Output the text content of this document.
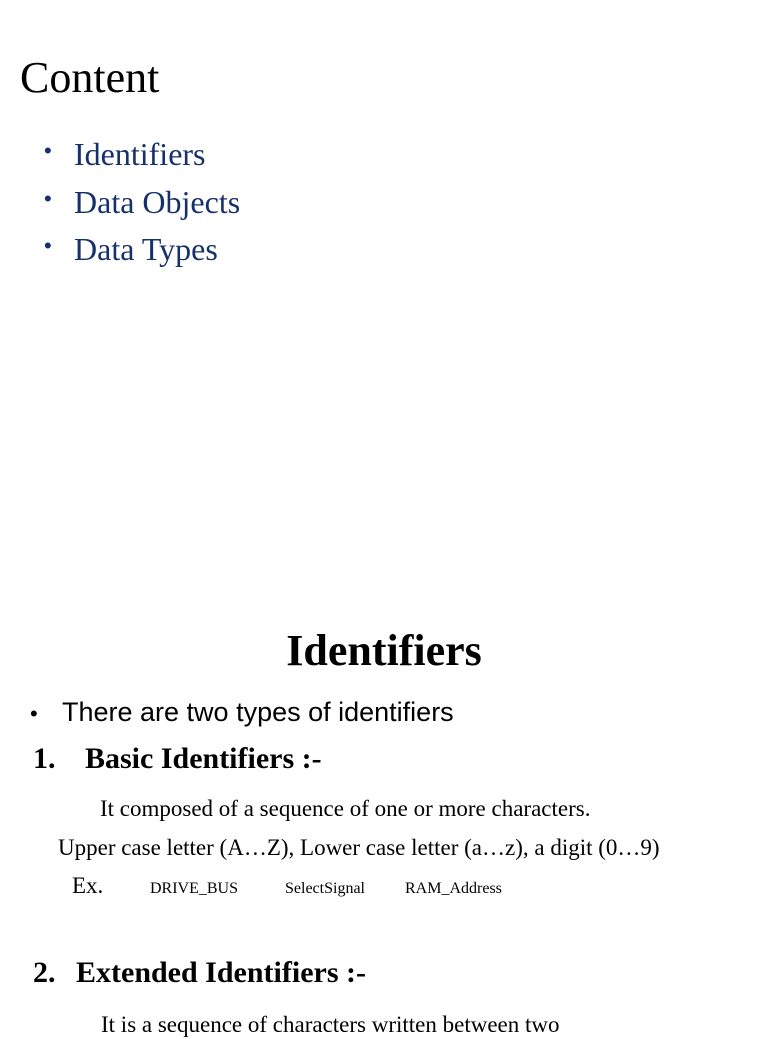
Content
• Identifiers
• Data Objects
• Data Types
Identifiers
• There are two types of identifiers
1. Basic Identifiers :-
It composed of a sequence of one or more characters.
Upper case letter (A…Z), Lower case letter (a…z), a digit (0…9)
Ex.	DRIVE_BUS	SelectSignal	RAM_Address
2. Extended Identifiers :-
It is a sequence of characters written between two
